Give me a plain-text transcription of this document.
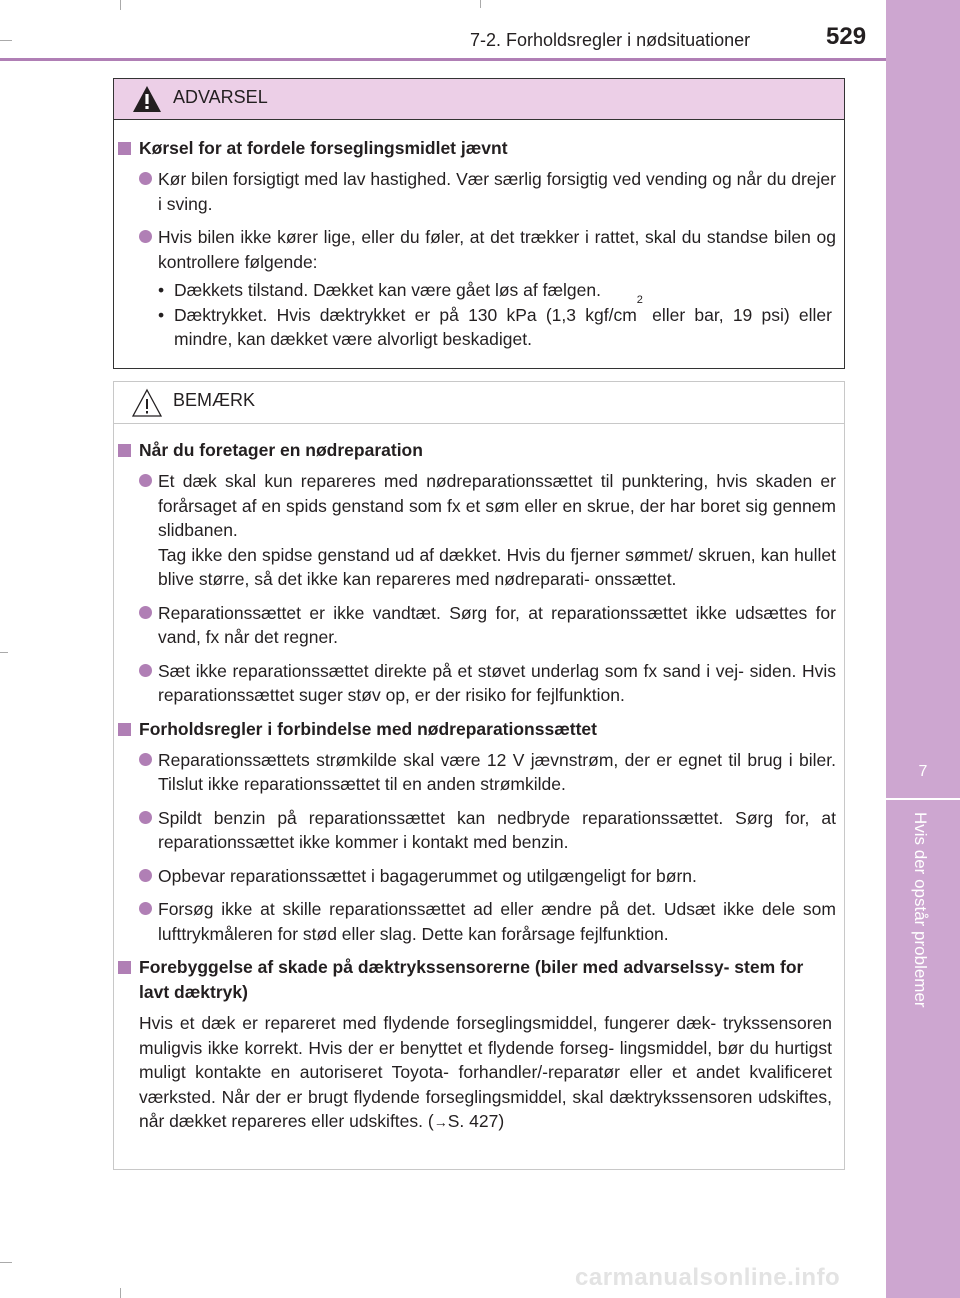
7-2. Forholdsregler i nødsituationer	529
7
Hvis der opstår problemer
ADVARSEL
Kørsel for at fordele forseglingsmidlet jævnt
Kør bilen forsigtigt med lav hastighed. Vær særlig forsigtig ved vending og når du drejer i sving.
Hvis bilen ikke kører lige, eller du føler, at det trækker i rattet, skal du standse bilen og kontrollere følgende:
• Dækkets tilstand. Dækket kan være gået løs af fælgen.
• Dæktrykket. Hvis dæktrykket er på 130 kPa (1,3 kgf/$cm^2$ eller bar, 19 psi) eller mindre, kan dækket være alvorligt beskadiget.
BEMÆRK
Når du foretager en nødreparation
Et dæk skal kun repareres med nødreparationssættet til punktering, hvis skaden er forårsaget af en spids genstand som fx et søm eller en skrue, der har boret sig gennem slidbanen.
Tag ikke den spidse genstand ud af dækket. Hvis du fjerner sømmet/ skruen, kan hullet blive større, så det ikke kan repareres med nødreparati- onssættet.
Reparationssættet er ikke vandtæt. Sørg for, at reparationssættet ikke udsættes for vand, fx når det regner.
Sæt ikke reparationssættet direkte på et støvet underlag som fx sand i vej- siden. Hvis reparationssættet suger støv op, er der risiko for fejlfunktion.
Forholdsregler i forbindelse med nødreparationssættet
Reparationssættets strømkilde skal være 12 V jævnstrøm, der er egnet til brug i biler. Tilslut ikke reparationssættet til en anden strømkilde.
Spildt benzin på reparationssættet kan nedbryde reparationssættet. Sørg for, at reparationssættet ikke kommer i kontakt med benzin.
Opbevar reparationssættet i bagagerummet og utilgængeligt for børn.
Forsøg ikke at skille reparationssættet ad eller ændre på det. Udsæt ikke dele som lufttrykmåleren for stød eller slag. Dette kan forårsage fejlfunktion.
Forebyggelse af skade på dæktrykssensorerne (biler med advarselssy- stem for lavt dæktryk)
Hvis et dæk er repareret med flydende forseglingsmiddel, fungerer dæk- trykssensoren muligvis ikke korrekt. Hvis der er benyttet et flydende forseg- lingsmiddel, bør du hurtigst muligt kontakte en autoriseret Toyota- forhandler/-reparatør eller et andet kvalificeret værksted. Når der er brugt flydende forseglingsmiddel, skal dæktrykssensoren udskiftes, når dækket repareres eller udskiftes. (→S. 427)
carmanualsonline.info
